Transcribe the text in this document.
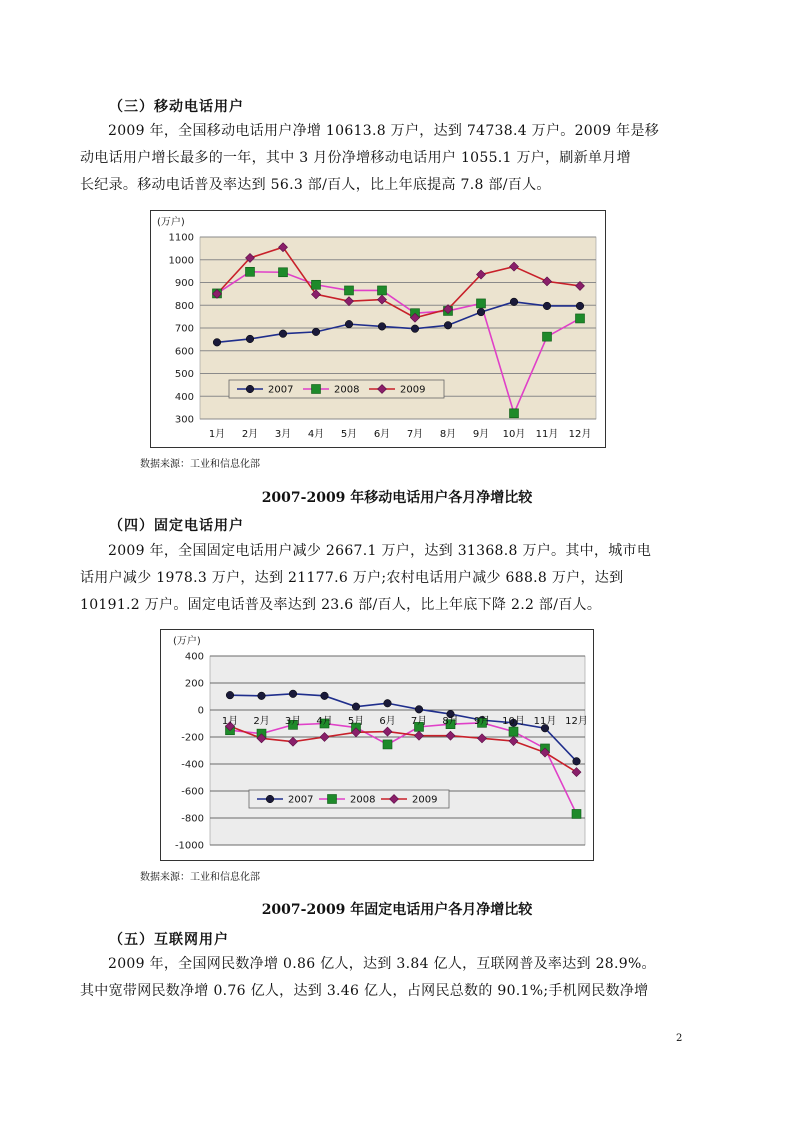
（三）移动电话用户

2009 年，全国移动电话用户净增 10613.8 万户，达到 74738.4 万户。2009 年是移

动电话用户增长最多的一年，其中 3 月份净增移动电话用户 1055.1 万户，刷新单月增

长纪录。移动电话普及率达到 56.3 部/百人，比上年底提高 7.8 部/百人。

(万户)
300
400
500
600
700
800
900
1000
1100
1月 2月 3月 4月 5月 6月 7月 8月 9月 10月 11月 12月
2007	2008	2009
数据来源：工业和信息化部
2007-2009 年移动电话用户各月净增比较
（四）固定电话用户

2009 年，全国固定电话用户减少 2667.1 万户，达到 31368.8 万户。其中，城市电

话用户减少 1978.3 万户，达到 21177.6 万户;农村电话用户减少 688.8 万户，达到

10191.2 万户。固定电话普及率达到 23.6 部/百人，比上年底下降 2.2 部/百人。

(万户)
-1000
-800
-600
-400
-200
0
200
400
1月 2月 3月 4月 5月 6月 7月 8月 9月 10月 11月 12月
2007	2008	2009
数据来源：工业和信息化部
2007-2009 年固定电话用户各月净增比较
（五）互联网用户

2009 年，全国网民数净增 0.86 亿人，达到 3.84 亿人，互联网普及率达到 28.9%。

其中宽带网民数净增 0.76 亿人，达到 3.46 亿人，占网民总数的 90.1%;手机网民数净增

2
